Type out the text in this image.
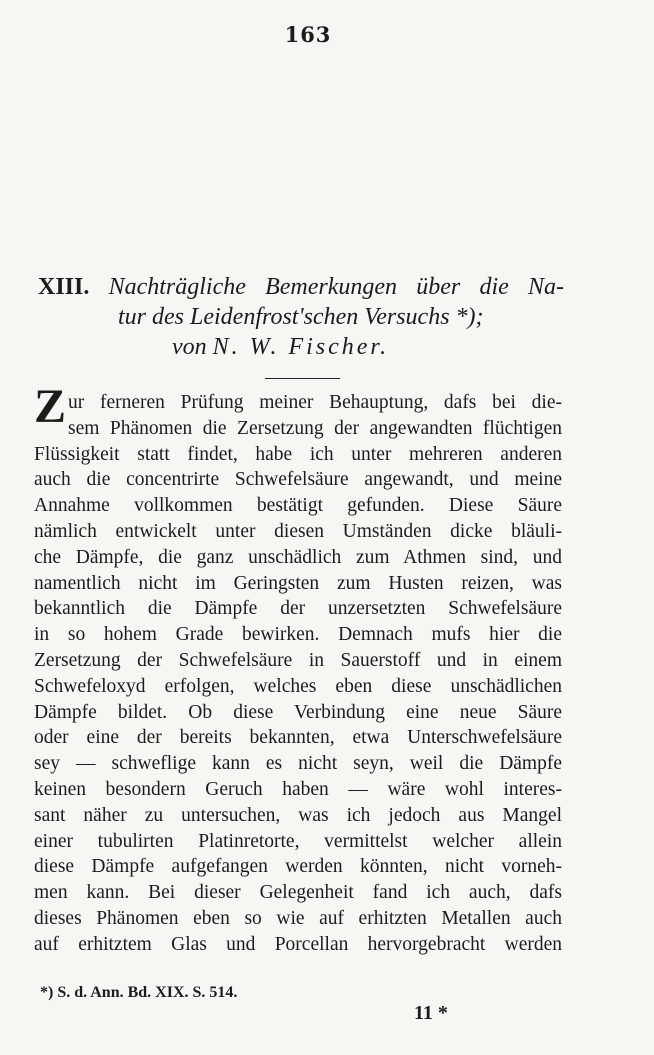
163
XIII. Nachträgliche Bemerkungen über die Na-
tur des Leidenfrost'schen Versuchs *);
von N. W. Fischer.
Zur ferneren Prüfung meiner Behauptung, dafs bei die-
sem Phänomen die Zersetzung der angewandten flüchtigen
Flüssigkeit statt findet, habe ich unter mehreren anderen
auch die concentrirte Schwefelsäure angewandt, und meine
Annahme vollkommen bestätigt gefunden. Diese Säure
nämlich entwickelt unter diesen Umständen dicke bläuli-
che Dämpfe, die ganz unschädlich zum Athmen sind, und
namentlich nicht im Geringsten zum Husten reizen, was
bekanntlich die Dämpfe der unzersetzten Schwefelsäure
in so hohem Grade bewirken. Demnach mufs hier die
Zersetzung der Schwefelsäure in Sauerstoff und in einem
Schwefeloxyd erfolgen, welches eben diese unschädlichen
Dämpfe bildet. Ob diese Verbindung eine neue Säure
oder eine der bereits bekannten, etwa Unterschwefelsäure
sey — schweflige kann es nicht seyn, weil die Dämpfe
keinen besondern Geruch haben — wäre wohl interes-
sant näher zu untersuchen, was ich jedoch aus Mangel
einer tubulirten Platinretorte, vermittelst welcher allein
diese Dämpfe aufgefangen werden könnten, nicht vorneh-
men kann. Bei dieser Gelegenheit fand ich auch, dafs
dieses Phänomen eben so wie auf erhitzten Metallen auch
auf erhitztem Glas und Porcellan hervorgebracht werden
*) S. d. Ann. Bd. XIX. S. 514.
11 *
